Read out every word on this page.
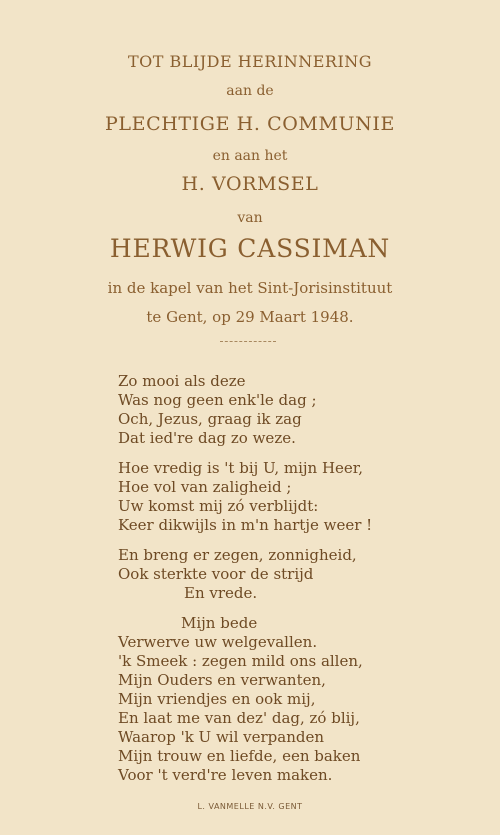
TOT BLIJDE HERINNERING
aan de
PLECHTIGE H. COMMUNIE
en aan het
H. VORMSEL
van
HERWIG CASSIMAN
in de kapel van het Sint-Jorisinstituut
te Gent, op 29 Maart 1948.
Zo mooi als deze
Was nog geen enk'le dag ;
Och, Jezus, graag ik zag
Dat ied're dag zo weze.
Hoe vredig is 't bij U, mijn Heer,
Hoe vol van zaligheid ;
Uw komst mij zó verblijdt:
Keer dikwijls in m'n hartje weer !
En breng er zegen, zonnigheid,
Ook sterkte voor de strijd
En vrede.
Mijn bede
Verwerve uw welgevallen.
'k Smeek : zegen mild ons allen,
Mijn Ouders en verwanten,
Mijn vriendjes en ook mij,
En laat me van dez' dag, zó blij,
Waarop 'k U wil verpanden
Mijn trouw en liefde, een baken
Voor 't verd're leven maken.
L. VANMELLE N.V. GENT
